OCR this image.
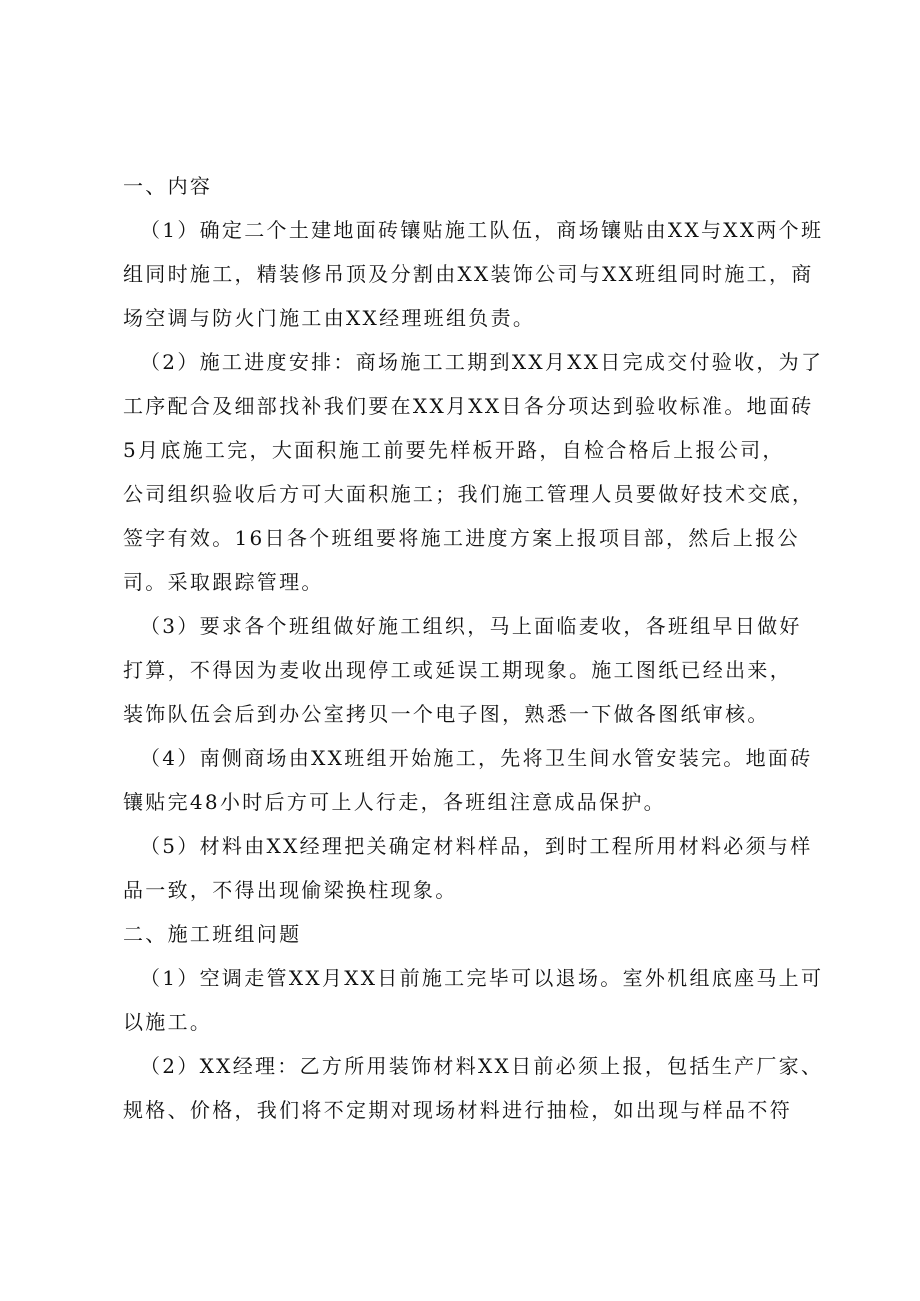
一、内容
（1）确定二个土建地面砖镶贴施工队伍，商场镶贴由XX与XX两个班
组同时施工，精装修吊顶及分割由XX装饰公司与XX班组同时施工，商
场空调与防火门施工由XX经理班组负责。
（2）施工进度安排：商场施工工期到XX月XX日完成交付验收，为了
工序配合及细部找补我们要在XX月XX日各分项达到验收标准。地面砖
5月底施工完，大面积施工前要先样板开路，自检合格后上报公司，
公司组织验收后方可大面积施工；我们施工管理人员要做好技术交底，
签字有效。16日各个班组要将施工进度方案上报项目部，然后上报公
司。采取跟踪管理。
（3）要求各个班组做好施工组织，马上面临麦收，各班组早日做好
打算，不得因为麦收出现停工或延误工期现象。施工图纸已经出来，
装饰队伍会后到办公室拷贝一个电子图，熟悉一下做各图纸审核。
（4）南侧商场由XX班组开始施工，先将卫生间水管安装完。地面砖
镶贴完48小时后方可上人行走，各班组注意成品保护。
（5）材料由XX经理把关确定材料样品，到时工程所用材料必须与样
品一致，不得出现偷梁换柱现象。
二、施工班组问题
（1）空调走管XX月XX日前施工完毕可以退场。室外机组底座马上可
以施工。
（2）XX经理：乙方所用装饰材料XX日前必须上报，包括生产厂家、
规格、价格，我们将不定期对现场材料进行抽检，如出现与样品不符
